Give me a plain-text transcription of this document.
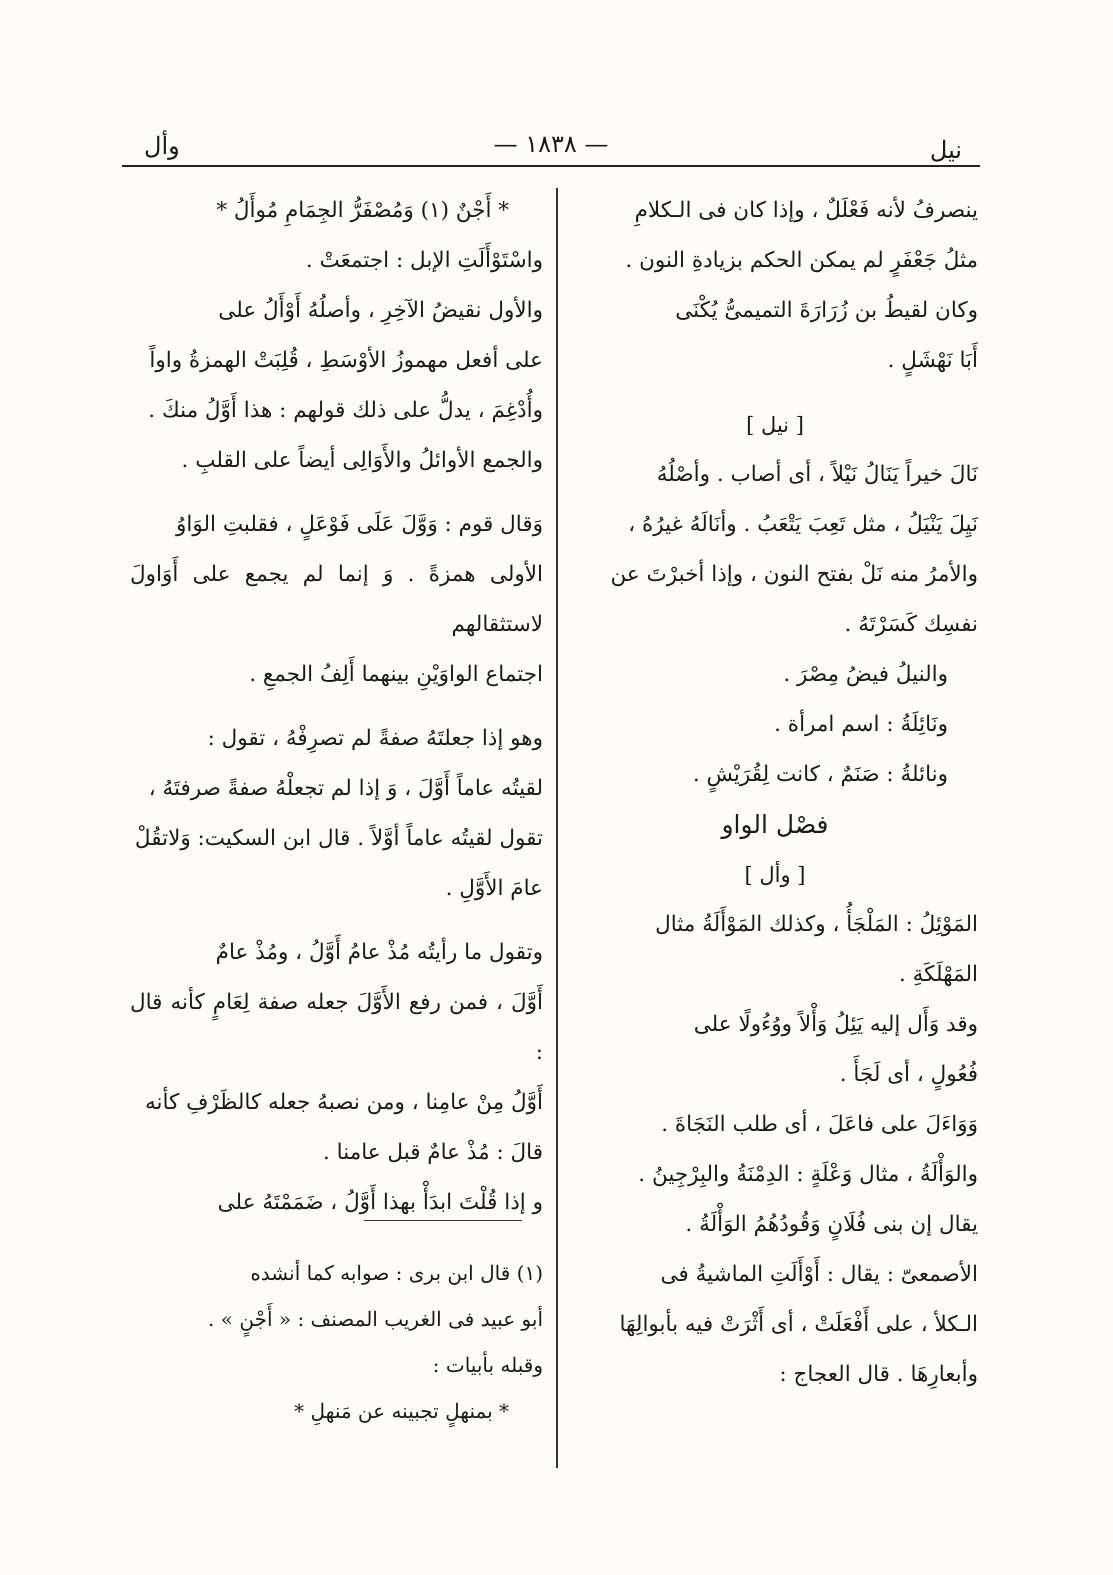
نيل
— ١٨٣٨ —
وأل

ينصرفُ لأنه فَعْلَلٌ ، وإذا كان فى الـكلامِ

مثلُ جَعْفَرٍ لم يمكن الحكم بزيادةِ النون .

وكان لقيطُ بن زُرَارَةَ التميمىُّ يُكْنَى

أَبَا نَهْشَلٍ .

[ نيل ]

نَالَ خيراً يَنَالُ نَيْلاً ، أى أصاب . وأصْلُهُ

نَيِلَ يَنْيَلُ ، مثل تَعِبَ يَتْعَبُ . وأنَالَهُ غيرُهُ ،

والأمرُ منه نَلْ بفتح النون ، وإذا أخبرْتَ عن

نفسِك كَسَرْتَهُ .

والنيلُ فيضُ مِصْرَ .

ونَائِلَةُ : اسم امرأة .

ونائلةُ : صَنَمٌ ، كانت لِقُرَيْشٍ .

فصْل الواو

[ وأل ]

المَوْئِلُ : المَلْجَأُ ، وكذلك المَوْأَلَةُ مثال

المَهْلَكَةِ .

وقد وَأَل إليه يَئِلُ وَأْلاً ووُءُولًا على

فُعُولٍ ، أى لَجَأَ .

وَوَاءَلَ على فاعَلَ ، أى طلب النَجَاةَ .

والوَأْلَةُ ، مثال وَعْلَةٍ : الدِمْنَةُ والبِرْجِينُ .

يقال إن بنى فُلَانٍ وَقُودُهُمُ الوَأْلَةُ .

الأصمعىّ : يقال : أَوْأَلَتِ الماشيةُ فى

الـكلأ ، على أَفْعَلَتْ ، أى أَثْرَتْ فيه بأبوالِهَا

وأبعارِهَا . قال العجاج :

* أَجْنٌ (١) وَمُصْفَرُّ الجِمَامِ مُوأَلُ *

واسْتَوْأَلَتِ الإبل : اجتمعَتْ .

والأول نقيضُ الآخِرِ ، وأصلُهُ أَوْأَلُ على

على أفعل مهموزُ الأوْسَطِ ، قُلِبَتْ الهمزةُ واواً

وأُدْغِمَ ، يدلُّ على ذلك قولهم : هذا أَوَّلُ منكَ .

والجمع الأوائلُ والأَوَالِى أيضاً على القلبِ .

وَقال قوم : وَوَّلَ عَلَى فَوْعَلٍ ، فقلبتِ الوَاوُ

الأولى همزةً . وَ إنما لم يجمع على أَوَاولَ لاستثقالهم

اجتماع الواوَيْنِ بينهما أَلِفُ الجمعِ .

وهو إذا جعلتَهُ صفةً لم تصرِفْهُ ، تقول :

لقيتُه عاماً أَوَّلَ ، وَ إذا لم تجعلْهُ صفةً صرفتَهُ ،

تقول لقيتُه عاماً أوَّلاً . قال ابن السكيت: وَلاتقُلْ

عامَ الأَوَّلِ .

وتقول ما رأيتُه مُذْ عامُ أَوَّلُ ، ومُذْ عامٌ

أَوَّلَ ، فمن رفع الأَوَّلَ جعله صفة لِعَامٍ كأنه قال :

أَوَّلُ مِنْ عامِنا ، ومن نصبهُ جعله كالظَرْفِ كأنه

قالَ : مُذْ عامٌ قبل عامنا .

و إذا قُلْتَ ابدَأْ بهذا أَوَّلُ ، ضَمَمْتَهُ على

(١) قال ابن برى : صوابه كما أنشده

أبو عبيد فى الغريب المصنف : « أَجْنٍ » .

وقبله بأبيات :

* بمنهلٍ تجبينه عن مَنهلِ *
